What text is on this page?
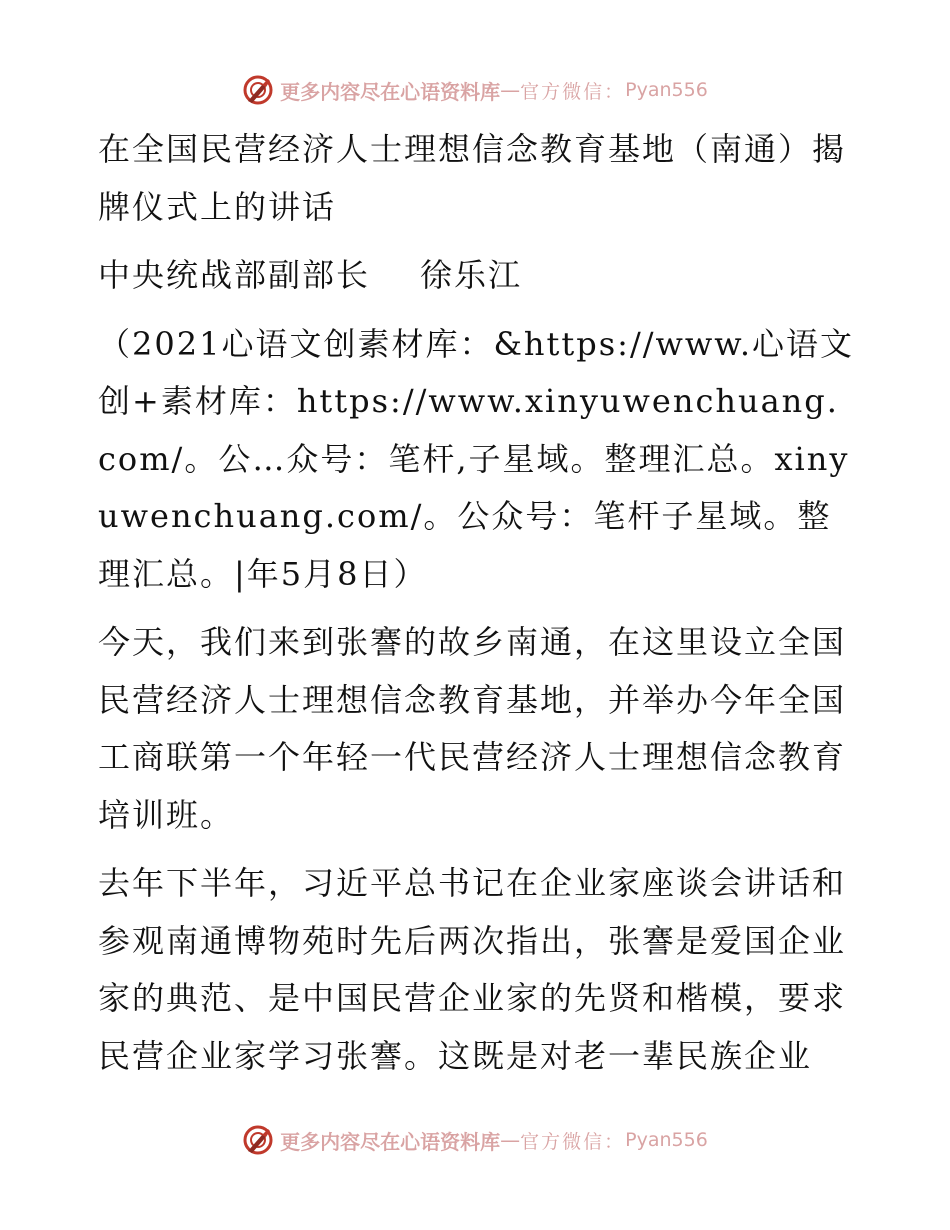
更多内容尽在心语资料库 — 官方微信： Pyan556

在全国民营经济人士理想信念教育基地（南通）揭牌仪式上的讲话

中央统战部副部长 徐乐江

（2021心语文创素材库：&https://www.心语文创+素材库：https://www.xinyuwenchuang.com/。公…众号：笔杆,子星域。整理汇总。xinyuwenchuang.com/。公众号：笔杆子星域。整理汇总。|年5月8日）

今天，我们来到张謇的故乡南通，在这里设立全国民营经济人士理想信念教育基地，并举办今年全国工商联第一个年轻一代民营经济人士理想信念教育培训班。

去年下半年，习近平总书记在企业家座谈会讲话和参观南通博物苑时先后两次指出，张謇是爱国企业家的典范、是中国民营企业家的先贤和楷模，要求民营企业家学习张謇。这既是对老一辈民族企业

更多内容尽在心语资料库 — 官方微信： Pyan556
